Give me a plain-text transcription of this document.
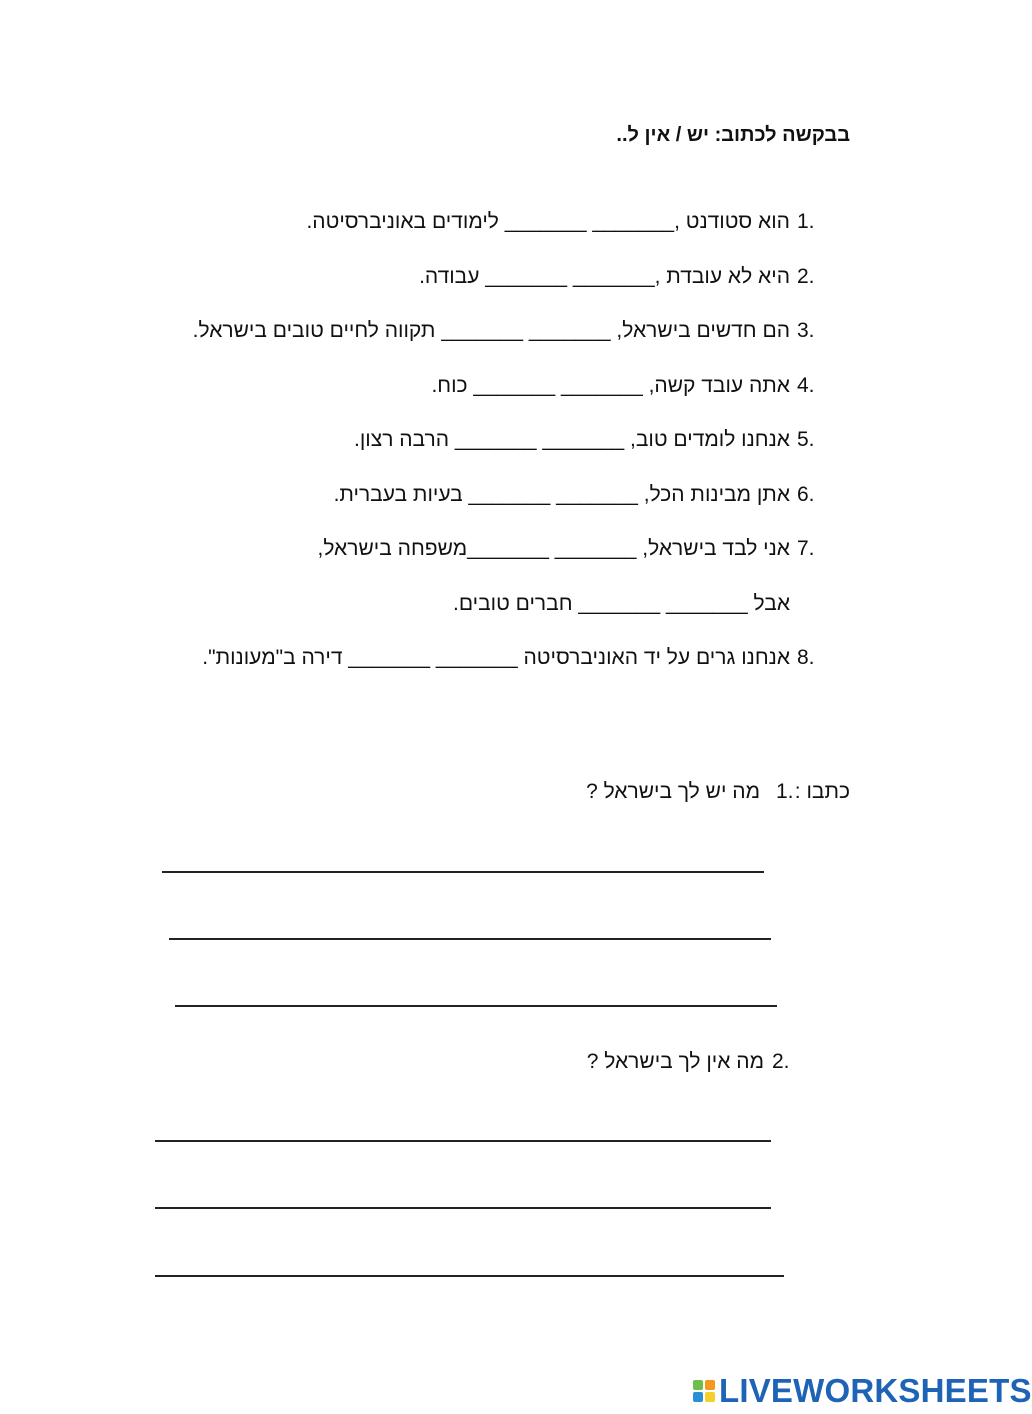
בבקשה לכתוב: יש / אין ל..
1.
הוא סטודנט ,_______ _______ לימודים באוניברסיטה.
2.
היא לא עובדת ,_______ _______ עבודה.
3.
הם חדשים בישראל, _______ _______ תקווה לחיים טובים בישראל.
4.
אתה עובד קשה, _______ _______ כוח.
5.
אנחנו לומדים טוב, _______ _______ הרבה רצון.
6.
אתן מבינות הכל, _______ _______ בעיות בעברית.
7.
אני לבד בישראל, _______ _______משפחה בישראל,
אבל _______ _______ חברים טובים.
8.
אנחנו גרים על יד האוניברסיטה _______ _______ דירה ב"מעונות".
כתבו :
1.
מה יש לך בישראל ?
2.
מה אין לך בישראל ?
LIVEWORKSHEETS
